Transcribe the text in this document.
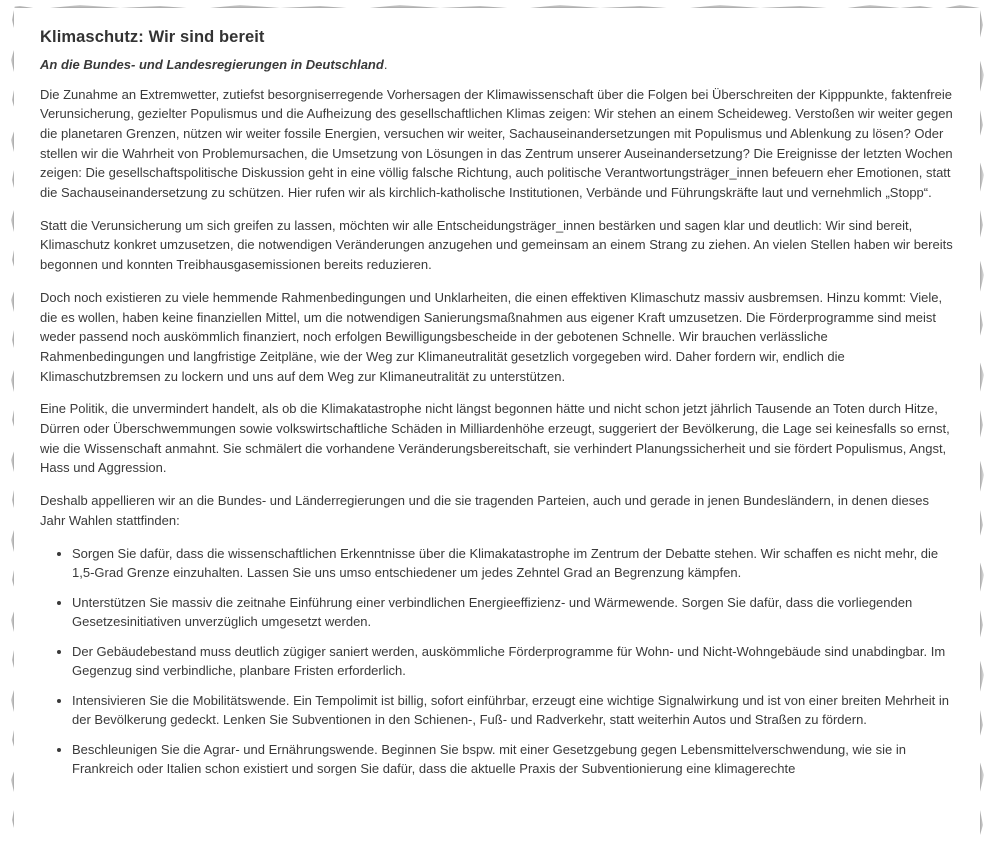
Klimaschutz: Wir sind bereit
An die Bundes- und Landesregierungen in Deutschland.

Die Zunahme an Extremwetter, zutiefst besorgniserregende Vorhersagen der Klimawissenschaft über die Folgen bei Überschreiten der Kipppunkte, faktenfreie Verunsicherung, gezielter Populismus und die Aufheizung des gesellschaftlichen Klimas zeigen: Wir stehen an einem Scheideweg. Verstoßen wir weiter gegen die planetaren Grenzen, nützen wir weiter fossile Energien, versuchen wir weiter, Sachauseinandersetzungen mit Populismus und Ablenkung zu lösen? Oder stellen wir die Wahrheit von Problemursachen, die Umsetzung von Lösungen in das Zentrum unserer Auseinandersetzung? Die Ereignisse der letzten Wochen zeigen: Die gesellschaftspolitische Diskussion geht in eine völlig falsche Richtung, auch politische Verantwortungsträger_innen befeuern eher Emotionen, statt die Sachauseinandersetzung zu schützen. Hier rufen wir als kirchlich-katholische Institutionen, Verbände und Führungskräfte laut und vernehmlich „Stopp“.

Statt die Verunsicherung um sich greifen zu lassen, möchten wir alle Entscheidungsträger_innen bestärken und sagen klar und deutlich: Wir sind bereit, Klimaschutz konkret umzusetzen, die notwendigen Veränderungen anzugehen und gemeinsam an einem Strang zu ziehen. An vielen Stellen haben wir bereits begonnen und konnten Treibhausgasemissionen bereits reduzieren.

Doch noch existieren zu viele hemmende Rahmenbedingungen und Unklarheiten, die einen effektiven Klimaschutz massiv ausbremsen. Hinzu kommt: Viele, die es wollen, haben keine finanziellen Mittel, um die notwendigen Sanierungsmaßnahmen aus eigener Kraft umzusetzen. Die Förderprogramme sind meist weder passend noch auskömmlich finanziert, noch erfolgen Bewilligungsbescheide in der gebotenen Schnelle. Wir brauchen verlässliche Rahmenbedingungen und langfristige Zeitpläne, wie der Weg zur Klimaneutralität gesetzlich vorgegeben wird. Daher fordern wir, endlich die Klimaschutzbremsen zu lockern und uns auf dem Weg zur Klimaneutralität zu unterstützen.

Eine Politik, die unvermindert handelt, als ob die Klimakatastrophe nicht längst begonnen hätte und nicht schon jetzt jährlich Tausende an Toten durch Hitze, Dürren oder Überschwemmungen sowie volkswirtschaftliche Schäden in Milliardenhöhe erzeugt, suggeriert der Bevölkerung, die Lage sei keinesfalls so ernst, wie die Wissenschaft anmahnt. Sie schmälert die vorhandene Veränderungsbereitschaft, sie verhindert Planungssicherheit und sie fördert Populismus, Angst, Hass und Aggression.

Deshalb appellieren wir an die Bundes- und Länderregierungen und die sie tragenden Parteien, auch und gerade in jenen Bundesländern, in denen dieses Jahr Wahlen stattfinden:

• Sorgen Sie dafür, dass die wissenschaftlichen Erkenntnisse über die Klimakatastrophe im Zentrum der Debatte stehen. Wir schaffen es nicht mehr, die 1,5-Grad Grenze einzuhalten. Lassen Sie uns umso entschiedener um jedes Zehntel Grad an Begrenzung kämpfen.
• Unterstützen Sie massiv die zeitnahe Einführung einer verbindlichen Energieeffizienz- und Wärmewende. Sorgen Sie dafür, dass die vorliegenden Gesetzesinitiativen unverzüglich umgesetzt werden.
• Der Gebäudebestand muss deutlich zügiger saniert werden, auskömmliche Förderprogramme für Wohn- und Nicht-Wohngebäude sind unabdingbar. Im Gegenzug sind verbindliche, planbare Fristen erforderlich.
• Intensivieren Sie die Mobilitätswende. Ein Tempolimit ist billig, sofort einführbar, erzeugt eine wichtige Signalwirkung und ist von einer breiten Mehrheit in der Bevölkerung gedeckt. Lenken Sie Subventionen in den Schienen-, Fuß- und Radverkehr, statt weiterhin Autos und Straßen zu fördern.
• Beschleunigen Sie die Agrar- und Ernährungswende. Beginnen Sie bspw. mit einer Gesetzgebung gegen Lebensmittelverschwendung, wie sie in Frankreich oder Italien schon existiert und sorgen Sie dafür, dass die aktuelle Praxis der Subventionierung eine klimagerechte
